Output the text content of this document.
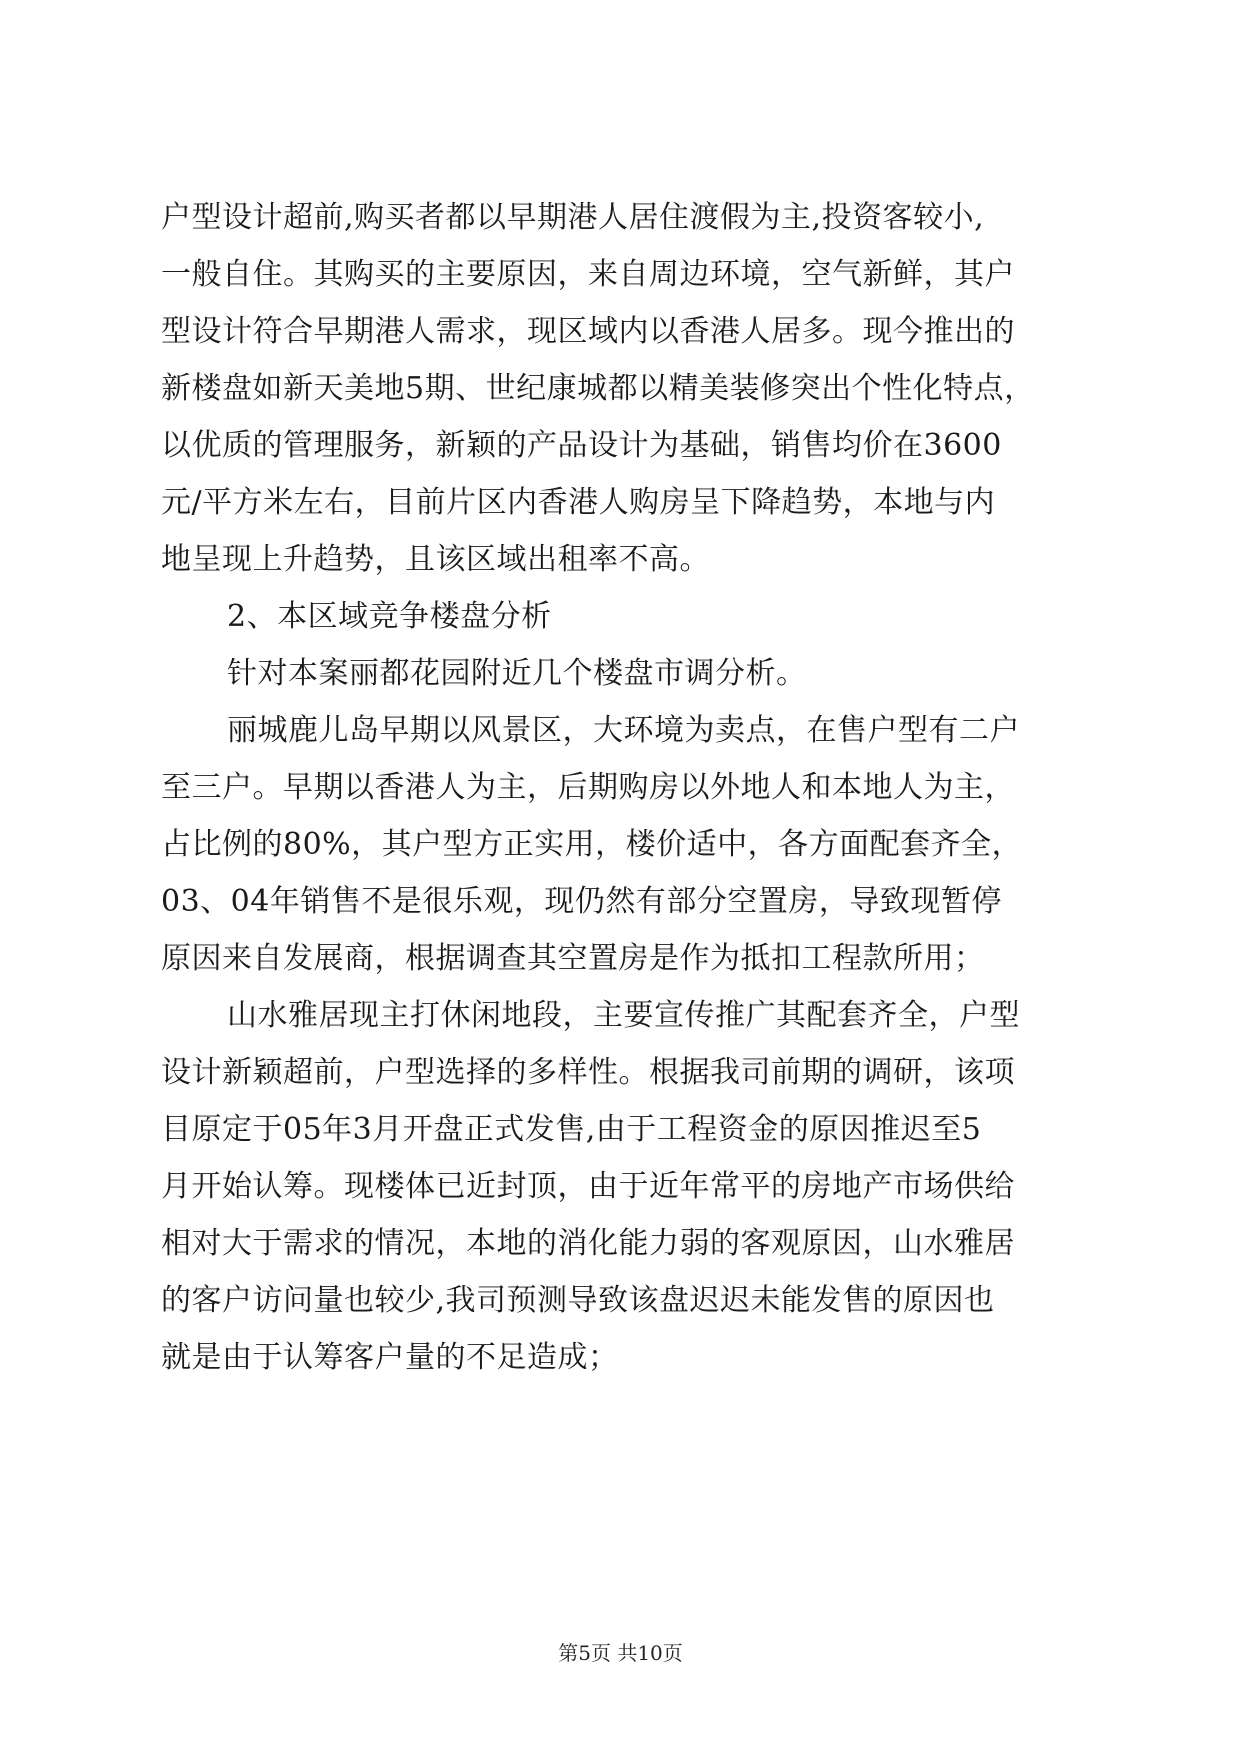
户型设计超前,购买者都以早期港人居住渡假为主,投资客较小,
一般自住。其购买的主要原因，来自周边环境，空气新鲜，其户
型设计符合早期港人需求，现区域内以香港人居多。现今推出的
新楼盘如新天美地5期、世纪康城都以精美装修突出个性化特点，
以优质的管理服务，新颖的产品设计为基础，销售均价在3600
元/平方米左右，目前片区内香港人购房呈下降趋势，本地与内
地呈现上升趋势，且该区域出租率不高。
2、本区域竞争楼盘分析
针对本案丽都花园附近几个楼盘市调分析。
丽城鹿儿岛早期以风景区，大环境为卖点，在售户型有二户
至三户。早期以香港人为主，后期购房以外地人和本地人为主，
占比例的80%，其户型方正实用，楼价适中，各方面配套齐全，
03、04年销售不是很乐观，现仍然有部分空置房，导致现暂停
原因来自发展商，根据调查其空置房是作为抵扣工程款所用；
山水雅居现主打休闲地段，主要宣传推广其配套齐全，户型
设计新颖超前，户型选择的多样性。根据我司前期的调研，该项
目原定于05年3月开盘正式发售,由于工程资金的原因推迟至5
月开始认筹。现楼体已近封顶，由于近年常平的房地产市场供给
相对大于需求的情况，本地的消化能力弱的客观原因，山水雅居
的客户访问量也较少,我司预测导致该盘迟迟未能发售的原因也
就是由于认筹客户量的不足造成；
第5页 共10页
